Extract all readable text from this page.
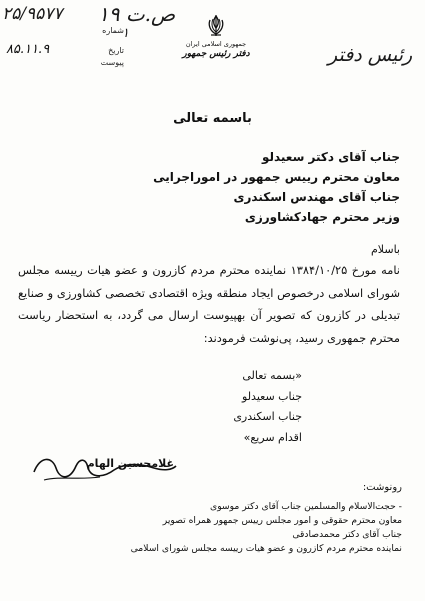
جمهوری اسلامی ایران
دفتر رئیس جمهور
۲۵/۹۵۷۷ ص.ت ۱۹
۱
شماره
تاریخ
۸۵.۱۱.۹
پیوست	رئیس دفتر
باسمه تعالی
جناب آقای دکتر سعیدلو
معاون محترم رییس جمهور در اموراجرایی
جناب آقای مهندس اسکندری
وزیر محترم جهادکشاورزی
باسلام
نامه مورخ ۱۳۸۴/۱۰/۲۵ نماینده محترم مردم کازرون و عضو هیات رییسه مجلس شورای اسلامی درخصوص ایجاد منطقه ویژه اقتصادی تخصصی کشاورزی و صنایع تبدیلی در کازرون که تصویر آن بهپیوست ارسال می گردد، به استحضار ریاست محترم جمهوری رسید، پی‌نوشت فرمودند:
«بسمه تعالی
جناب سعیدلو
جناب اسکندری
اقدام سریع»
غلامحسین الهام
رونوشت:
- حجت‌الاسلام والمسلمین جناب آقای دکتر موسوی
معاون محترم حقوقی و امور مجلس رییس جمهور همراه تصویر
جناب آقای دکتر محمدصادقی
نماینده محترم مردم کازرون و عضو هیات رییسه مجلس شورای اسلامی
